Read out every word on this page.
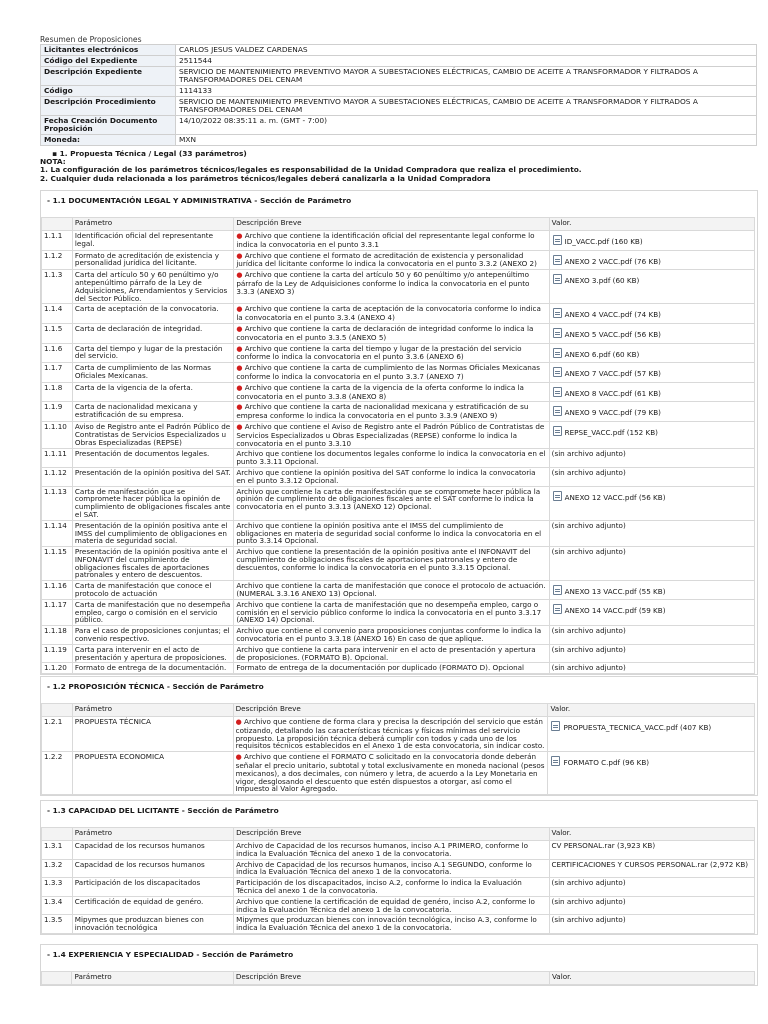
Resumen de Proposiciones
Licitantes electrónicos	CARLOS JESUS VALDEZ CARDENAS
Código del Expediente	2511544
Descripción Expediente	SERVICIO DE MANTENIMIENTO PREVENTIVO MAYOR A SUBESTACIONES ELÉCTRICAS, CAMBIO DE ACEITE A TRANSFORMADOR Y FILTRADOS A TRANSFORMADORES DEL CENAM
Código	1114133
Descripción Procedimiento	SERVICIO DE MANTENIMIENTO PREVENTIVO MAYOR A SUBESTACIONES ELÉCTRICAS, CAMBIO DE ACEITE A TRANSFORMADOR Y FILTRADOS A TRANSFORMADORES DEL CENAM
Fecha Creación Documento Proposición	14/10/2022 08:35:11 a. m. (GMT - 7:00)
Moneda:	MXN
▪ 1. Propuesta Técnica / Legal (33 parámetros)
NOTA:
1. La configuración de los parámetros técnicos/legales es responsabilidad de la Unidad Compradora que realiza el procedimiento.
2. Cualquier duda relacionada a los parámetros técnicos/legales deberá canalizarla a la Unidad Compradora
- 1.1 DOCUMENTACIÓN LEGAL Y ADMINISTRATIVA - Sección de Parámetro
	Parámetro	Descripción Breve	Valor.
1.1.1	Identificación oficial del representante legal.	● Archivo que contiene la identificación oficial del representante legal conforme lo indica la convocatoria en el punto 3.3.1	ID_VACC.pdf (160 KB)
1.1.2	Formato de acreditación de existencia y personalidad jurídica del licitante.	● Archivo que contiene el formato de acreditación de existencia y personalidad jurídica del licitante conforme lo indica la convocatoria en el punto 3.3.2 (ANEXO 2)	ANEXO 2 VACC.pdf (76 KB)
1.1.3	Carta del artículo 50 y 60 penúltimo y/o antepenúltimo párrafo de la Ley de Adquisiciones, Arrendamientos y Servicios del Sector Público.	● Archivo que contiene la carta del artículo 50 y 60 penúltimo y/o antepenúltimo párrafo de la Ley de Adquisiciones conforme lo indica la convocatoria en el punto 3.3.3 (ANEXO 3)	ANEXO 3.pdf (60 KB)
1.1.4	Carta de aceptación de la convocatoria.	● Archivo que contiene la carta de aceptación de la convocatoria conforme lo indica la convocatoria en el punto 3.3.4 (ANEXO 4)	ANEXO 4 VACC.pdf (74 KB)
1.1.5	Carta de declaración de integridad.	● Archivo que contiene la carta de declaración de integridad conforme lo indica la convocatoria en el punto 3.3.5 (ANEXO 5)	ANEXO 5 VACC.pdf (56 KB)
1.1.6	Carta del tiempo y lugar de la prestación del servicio.	● Archivo que contiene la carta del tiempo y lugar de la prestación del servicio conforme lo indica la convocatoria en el punto 3.3.6 (ANEXO 6)	ANEXO 6.pdf (60 KB)
1.1.7	Carta de cumplimiento de las Normas Oficiales Mexicanas.	● Archivo que contiene la carta de cumplimiento de las Normas Oficiales Mexicanas conforme lo indica la convocatoria en el punto 3.3.7 (ANEXO 7)	ANEXO 7 VACC.pdf (57 KB)
1.1.8	Carta de la vigencia de la oferta.	● Archivo que contiene la carta de la vigencia de la oferta conforme lo indica la convocatoria en el punto 3.3.8 (ANEXO 8)	ANEXO 8 VACC.pdf (61 KB)
1.1.9	Carta de nacionalidad mexicana y estratificación de su empresa.	● Archivo que contiene la carta de nacionalidad mexicana y estratificación de su empresa conforme lo indica la convocatoria en el punto 3.3.9 (ANEXO 9)	ANEXO 9 VACC.pdf (79 KB)
1.1.10	Aviso de Registro ante el Padrón Público de Contratistas de Servicios Especializados u Obras Especializadas (REPSE)	● Archivo que contiene el Aviso de Registro ante el Padrón Público de Contratistas de Servicios Especializados u Obras Especializadas (REPSE) conforme lo indica la convocatoria en el punto 3.3.10	REPSE_VACC.pdf (152 KB)
1.1.11	Presentación de documentos legales.	Archivo que contiene los documentos legales conforme lo indica la convocatoria en el punto 3.3.11 Opcional.	(sin archivo adjunto)
1.1.12	Presentación de la opinión positiva del SAT.	Archivo que contiene la opinión positiva del SAT conforme lo indica la convocatoria en el punto 3.3.12 Opcional.	(sin archivo adjunto)
1.1.13	Carta de manifestación que se compromete hacer pública la opinión de cumplimiento de obligaciones fiscales ante el SAT.	Archivo que contiene la carta de manifestación que se compromete hacer pública la opinión de cumplimiento de obligaciones fiscales ante el SAT conforme lo indica la convocatoria en el punto 3.3.13 (ANEXO 12) Opcional.	ANEXO 12 VACC.pdf (56 KB)
1.1.14	Presentación de la opinión positiva ante el IMSS del cumplimiento de obligaciones en materia de seguridad social.	Archivo que contiene la opinión positiva ante el IMSS del cumplimiento de obligaciones en materia de seguridad social conforme lo indica la convocatoria en el punto 3.3.14 Opcional.	(sin archivo adjunto)
1.1.15	Presentación de la opinión positiva ante el INFONAVIT del cumplimiento de obligaciones fiscales de aportaciones patronales y entero de descuentos.	Archivo que contiene la presentación de la opinión positiva ante el INFONAVIT del cumplimiento de obligaciones fiscales de aportaciones patronales y entero de descuentos, conforme lo indica la convocatoria en el punto 3.3.15 Opcional.	(sin archivo adjunto)
1.1.16	Carta de manifestación que conoce el protocolo de actuación	Archivo que contiene la carta de manifestación que conoce el protocolo de actuación. (NUMERAL 3.3.16 ANEXO 13) Opcional.	ANEXO 13 VACC.pdf (55 KB)
1.1.17	Carta de manifestación que no desempeña empleo, cargo o comisión en el servicio público.	Archivo que contiene la carta de manifestación que no desempeña empleo, cargo o comisión en el servicio público conforme lo indica la convocatoria en el punto 3.3.17 (ANEXO 14) Opcional.	ANEXO 14 VACC.pdf (59 KB)
1.1.18	Para el caso de proposiciones conjuntas; el convenio respectivo.	Archivo que contiene el convenio para proposiciones conjuntas conforme lo indica la convocatoria en el punto 3.3.18 (ANEXO 16) En caso de que aplique.	(sin archivo adjunto)
1.1.19	Carta para intervenir en el acto de presentación y apertura de proposiciones.	Archivo que contiene la carta para intervenir en el acto de presentación y apertura de proposiciones. (FORMATO B). Opcional.	(sin archivo adjunto)
1.1.20	Formato de entrega de la documentación.	Formato de entrega de la documentación por duplicado (FORMATO D). Opcional	(sin archivo adjunto)
- 1.2 PROPOSICIÓN TÉCNICA - Sección de Parámetro
	Parámetro	Descripción Breve	Valor.
1.2.1	PROPUESTA TÉCNICA	● Archivo que contiene de forma clara y precisa la descripción del servicio que están cotizando, detallando las características técnicas y físicas mínimas del servicio propuesto. La proposición técnica deberá cumplir con todos y cada uno de los requisitos técnicos establecidos en el Anexo 1 de esta convocatoria, sin indicar costo.	PROPUESTA_TECNICA_VACC.pdf (407 KB)
1.2.2	PROPUESTA ECONOMICA	● Archivo que contiene el FORMATO C solicitado en la convocatoria donde deberán señalar el precio unitario, subtotal y total exclusivamente en moneda nacional (pesos mexicanos), a dos decimales, con número y letra, de acuerdo a la Ley Monetaria en vigor, desglosando el descuento que estén dispuestos a otorgar, así como el Impuesto al Valor Agregado.	FORMATO C.pdf (96 KB)
- 1.3 CAPACIDAD DEL LICITANTE - Sección de Parámetro
	Parámetro	Descripción Breve	Valor.
1.3.1	Capacidad de los recursos humanos	Archivo de Capacidad de los recursos humanos, inciso A.1 PRIMERO, conforme lo indica la Evaluación Técnica del anexo 1 de la convocatoria.	CV PERSONAL.rar (3,923 KB)
1.3.2	Capacidad de los recursos humanos	Archivo de Capacidad de los recursos humanos, inciso A.1 SEGUNDO, conforme lo indica la Evaluación Técnica del anexo 1 de la convocatoria.	CERTIFICACIONES Y CURSOS PERSONAL.rar (2,972 KB)
1.3.3	Participación de los discapacitados	Participación de los discapacitados, inciso A.2, conforme lo indica la Evaluación Técnica del anexo 1 de la convocatoria.	(sin archivo adjunto)
1.3.4	Certificación de equidad de genéro.	Archivo que contiene la certificación de equidad de genéro, inciso A.2, conforme lo indica la Evaluación Técnica del anexo 1 de la convocatoria.	(sin archivo adjunto)
1.3.5	Mipymes que produzcan bienes con innovación tecnológica	Mipymes que produzcan bienes con innovación tecnológica, inciso A.3, conforme lo indica la Evaluación Técnica del anexo 1 de la convocatoria.	(sin archivo adjunto)
- 1.4 EXPERIENCIA Y ESPECIALIDAD - Sección de Parámetro
	Parámetro	Descripción Breve	Valor.
